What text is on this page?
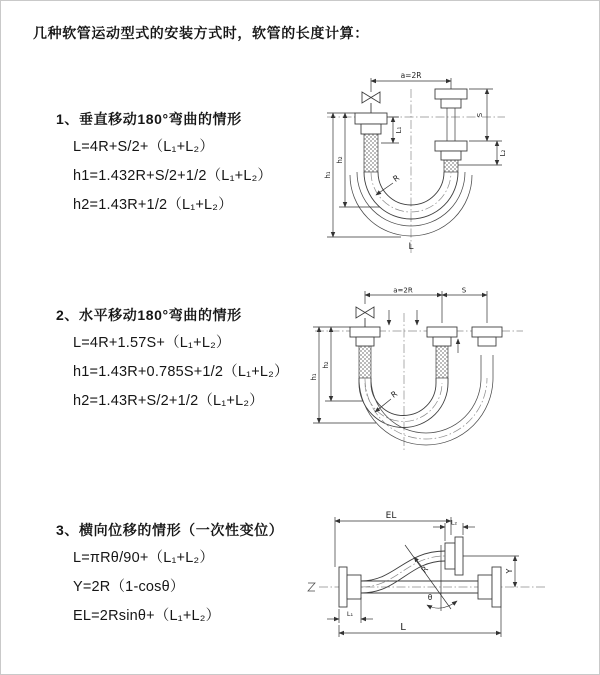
几种软管运动型式的安装方式时，软管的长度计算：
1、垂直移动180°弯曲的情形
L=4R+S/2+（L₁+L₂）
h1=1.432R+S/2+1/2（L₁+L₂）
h2=1.43R+1/2（L₁+L₂）
2、水平移动180°弯曲的情形
L=4R+1.57S+（L₁+L₂）
h1=1.43R+0.785S+1/2（L₁+L₂）
h2=1.43R+S/2+1/2（L₁+L₂）
3、横向位移的情形（一次性变位）
L=πRθ/90+（L₁+L₂）
Y=2R（1-cosθ）
EL=2Rsinθ+（L₁+L₂）
a=2R
L₁
S
L₂
h₂
h₁	R
L
a=2R	S
h₂
h₁
R
θ
EL
L₂
Y
R
L₁
L
